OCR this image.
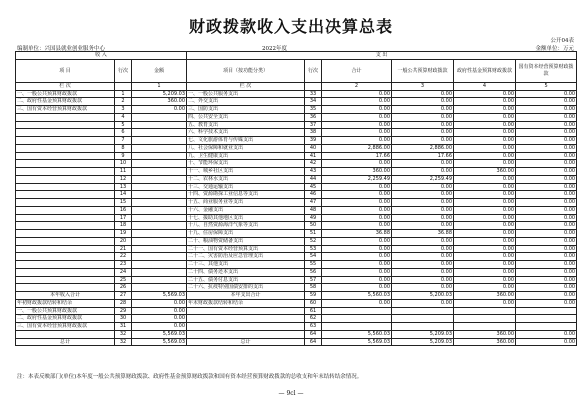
财政拨款收入支出决算总表
公开04表
编制单位：兴国县就业创业服务中心	2022年度	金额单位：万元
收 入			支 出					
项 目	行次	金额	项目（按功能分类）	行次	合计	一般公共预算财政拨款	政府性基金预算财政拨款	国有资本经营预算财政拨款
栏 次		1	栏 次		2	3	4	5
一、一般公共预算财政拨款	1	5,209.03	一、一般公共服务支出	33	0.00	0.00	0.00	0.00
二、政府性基金预算财政拨款	2	360.00	二、外交支出	34	0.00	0.00	0.00	0.00
三、国有资本经营预算财政拨款	3	0.00	三、国防支出	35	0.00	0.00	0.00	0.00
	4		四、公共安全支出	36	0.00	0.00	0.00	0.00
	5		五、教育支出	37	0.00	0.00	0.00	0.00
	6		六、科学技术支出	38	0.00	0.00	0.00	0.00
	7		七、文化旅游体育与传媒支出	39	0.00	0.00	0.00	0.00
	8		八、社会保障和就业支出	40	2,886.00	2,886.00	0.00	0.00
	9		九、卫生健康支出	41	17.66	17.66	0.00	0.00
	10		十、节能环保支出	42	0.00	0.00	0.00	0.00
	11		十一、城乡社区支出	43	360.00	0.00	360.00	0.00
	12		十二、农林水支出	44	2,259.49	2,259.49	0.00	0.00
	13		十三、交通运输支出	45	0.00	0.00	0.00	0.00
	14		十四、资源勘探工业信息等支出	46	0.00	0.00	0.00	0.00
	15		十五、商业服务业等支出	47	0.00	0.00	0.00	0.00
	16		十六、金融支出	48	0.00	0.00	0.00	0.00
	17		十七、援助其他地区支出	49	0.00	0.00	0.00	0.00
	18		十八、自然资源海洋气象等支出	50	0.00	0.00	0.00	0.00
	19		十九、住房保障支出	51	36.88	36.88	0.00	0.00
	20		二十、粮油物资储备支出	52	0.00	0.00	0.00	0.00
	21		二十一、国有资本经营预算支出	53	0.00	0.00	0.00	0.00
	22		二十二、灾害防治及应急管理支出	54	0.00	0.00	0.00	0.00
	23		二十三、其他支出	55	0.00	0.00	0.00	0.00
	24		二十四、债务还本支出	56	0.00	0.00	0.00	0.00
	25		二十五、债务付息支出	57	0.00	0.00	0.00	0.00
	26		二十六、抗疫特别国债安排的支出	58	0.00	0.00	0.00	0.00
本年收入合计	27	5,569.03	本年支出合计	59	5,560.03	5,200.03	360.00	0.00
年初财政拨款结转和结余	28	0.00	年末财政拨款结转和结余	60	0.00	0.00	0.00	0.00
一、一般公共预算财政拨款	29	0.00		61				
二、政府性基金预算财政拨款	30	0.00		62				
三、国有资本经营预算财政拨款	31	0.00		63				
	32	5,569.03		64	5,560.03	5,209.03	360.00	0.00
总计	32	5,569.03	总计	64	5,569.03	5,209.03	360.00	0.00
注：本表反映部门(单位)本年度一般公共预算财政拨款、政府性基金预算财政拨款和国有资本经营预算财政拨款的总收支和年末结转结余情况。
— 9cl —
